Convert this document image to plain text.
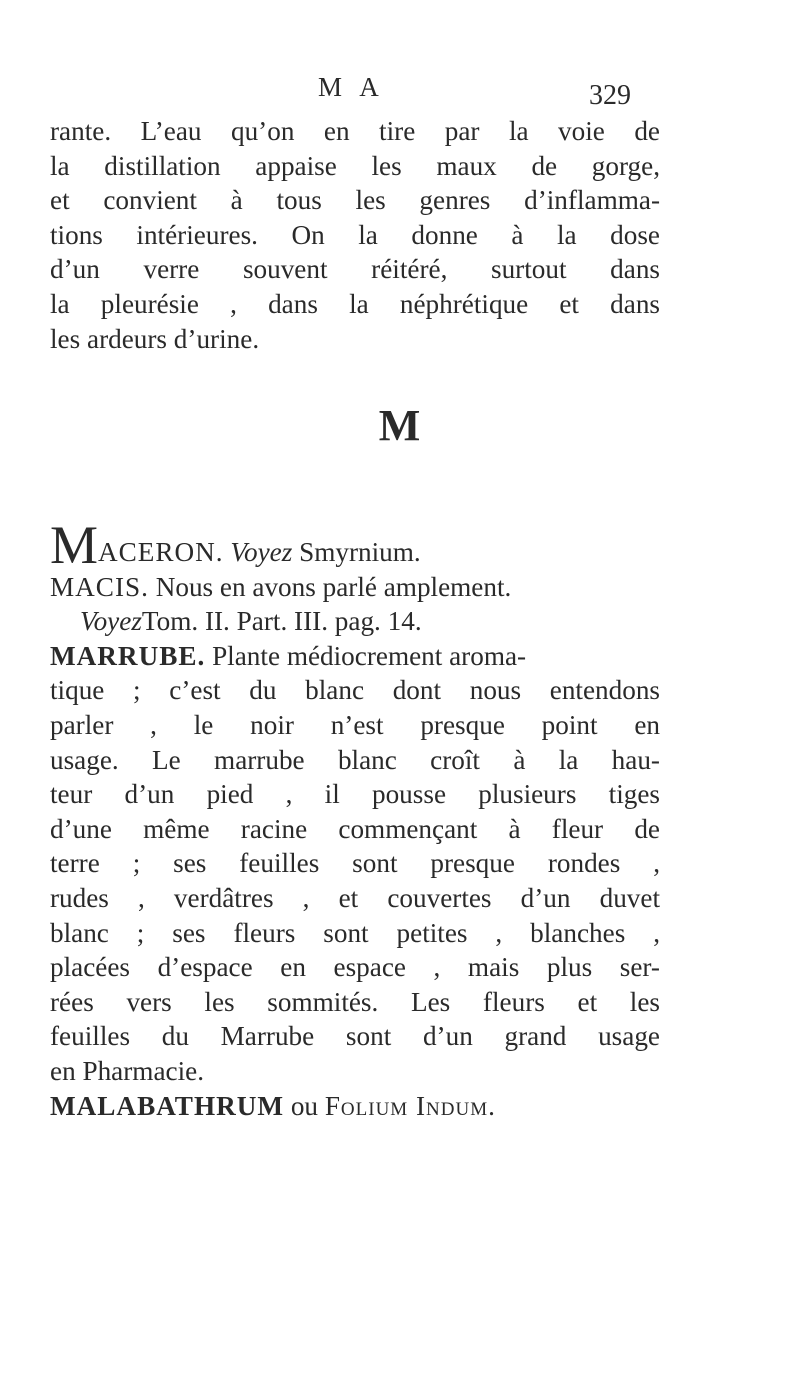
M A	329
rante. L’eau qu’on en tire par la voie de
la distillation appaise les maux de gorge,
et convient à tous les genres d’inflamma-
tions intérieures. On la donne à la dose
d’un verre souvent réitéré, surtout dans
la pleurésie , dans la néphrétique et dans
les ardeurs d’urine.
M
MACERON. Voyez Smyrnium.
MACIS. Nous en avons parlé amplement.
VoyezTom. II. Part. III. pag. 14.
MARRUBE. Plante médiocrement aroma-
tique ; c’est du blanc dont nous entendons
parler , le noir n’est presque point en
usage. Le marrube blanc croît à la hau-
teur d’un pied , il pousse plusieurs tiges
d’une même racine commençant à fleur de
terre ; ses feuilles sont presque rondes ,
rudes , verdâtres , et couvertes d’un duvet
blanc ; ses fleurs sont petites , blanches ,
placées d’espace en espace , mais plus ser-
rées vers les sommités. Les fleurs et les
feuilles du Marrube sont d’un grand usage
en Pharmacie.
MALABATHRUM ou Folium Indum.
